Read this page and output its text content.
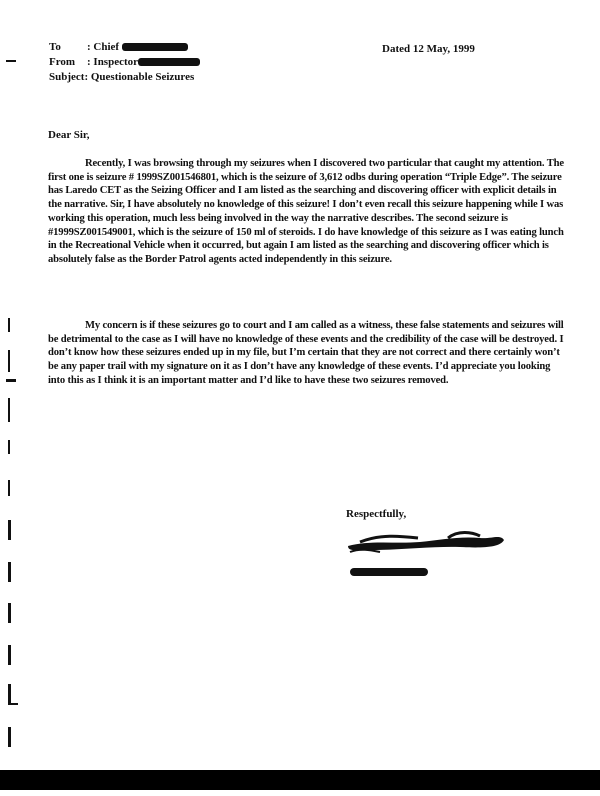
To : Chief
From : Inspector
Subject: Questionable Seizures
Dated 12 May, 1999
Dear Sir,
Recently, I was browsing through my seizures when I discovered two particular that caught my attention. The first one is seizure # 1999SZ001546801, which is the seizure of 3,612 odbs during operation “Triple Edge”. The seizure has Laredo CET as the Seizing Officer and I am listed as the searching and discovering officer with explicit details in the narrative. Sir, I have absolutely no knowledge of this seizure! I don’t even recall this seizure happening while I was working this operation, much less being involved in the way the narrative describes. The second seizure is #1999SZ001549001, which is the seizure of 150 ml of steroids. I do have knowledge of this seizure as I was eating lunch in the Recreational Vehicle when it occurred, but again I am listed as the searching and discovering officer which is absolutely false as the Border Patrol agents acted independently in this seizure.
My concern is if these seizures go to court and I am called as a witness, these false statements and seizures will be detrimental to the case as I will have no knowledge of these events and the credibility of the case will be destroyed. I don’t know how these seizures ended up in my file, but I’m certain that they are not correct and there certainly won’t be any paper trail with my signature on it as I don’t have any knowledge of these events. I’d appreciate you looking into this as I think it is an important matter and I’d like to have these two seizures removed.
Respectfully,
